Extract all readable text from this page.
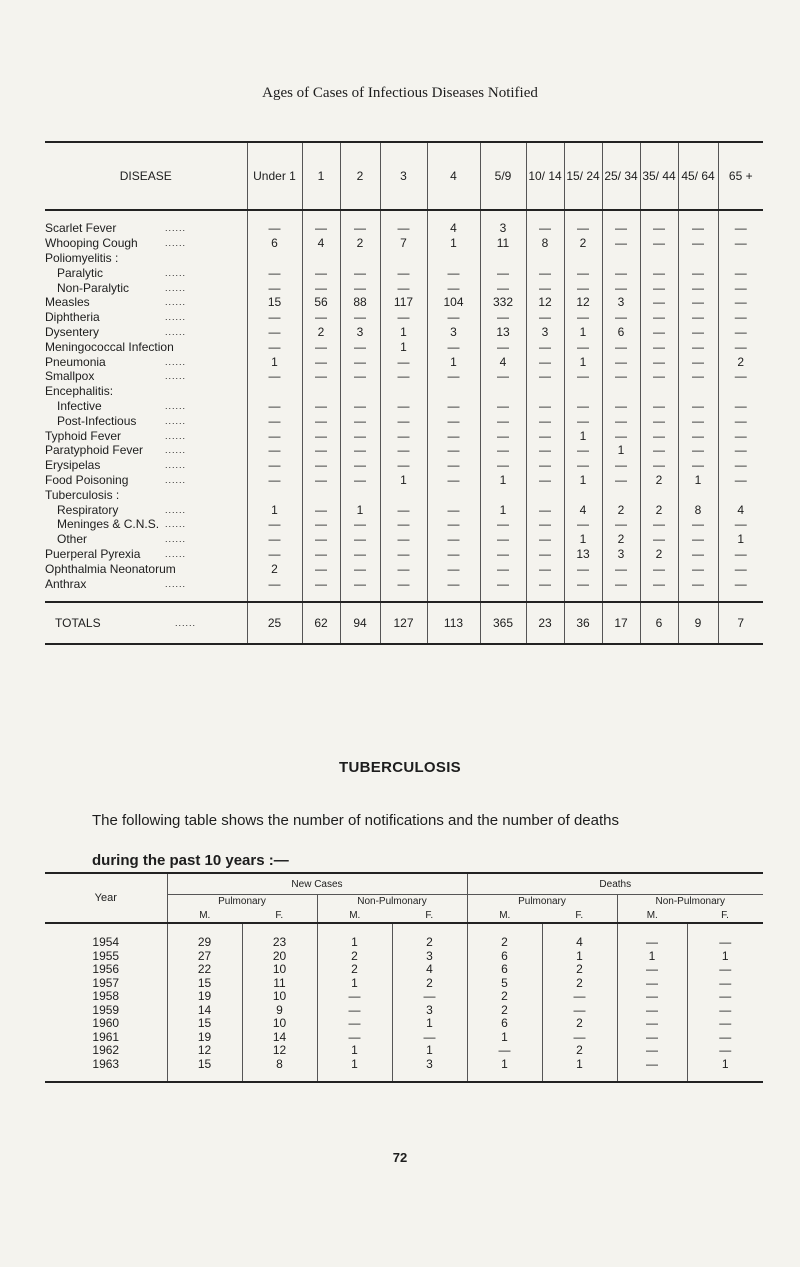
Ages of Cases of Infectious Diseases Notified
DISEASE	Under 1	1	2	3	4	5/9	10/ 14	15/ 24	25/ 34	35/ 44	45/ 64	65 +

Scarlet Fever ......	—	—	—	—	4	3	—	—	—	—	—	—
Whooping Cough ......	6	4	2	7	1	11	8	2	—	—	—	—
Poliomyelitis :												
Paralytic ......	—	—	—	—	—	—	—	—	—	—	—	—
Non-Paralytic ......	—	—	—	—	—	—	—	—	—	—	—	—
Measles ......	15	56	88	117	104	332	12	12	3	—	—	—
Diphtheria ......	—	—	—	—	—	—	—	—	—	—	—	—
Dysentery ......	—	2	3	1	3	13	3	1	6	—	—	—
Meningococcal Infection	—	—	—	1	—	—	—	—	—	—	—	—
Pneumonia ......	1	—	—	—	1	4	—	1	—	—	—	2
Smallpox ......	—	—	—	—	—	—	—	—	—	—	—	—
Encephalitis:												
Infective ......	—	—	—	—	—	—	—	—	—	—	—	—
Post-Infectious ......	—	—	—	—	—	—	—	—	—	—	—	—
Typhoid Fever ......	—	—	—	—	—	—	—	1	—	—	—	—
Paratyphoid Fever ......	—	—	—	—	—	—	—	—	1	—	—	—
Erysipelas ......	—	—	—	—	—	—	—	—	—	—	—	—
Food Poisoning ......	—	—	—	1	—	1	—	1	—	2	1	—
Tuberculosis :												
Respiratory ......	1	—	1	—	—	1	—	4	2	2	8	4
Meninges & C.N.S. ......	—	—	—	—	—	—	—	—	—	—	—	—
Other ......	—	—	—	—	—	—	—	1	2	—	—	1
Puerperal Pyrexia ......	—	—	—	—	—	—	—	13	3	2	—	—
Ophthalmia Neonatorum	2	—	—	—	—	—	—	—	—	—	—	—
Anthrax ......	—	—	—	—	—	—	—	—	—	—	—	—

TOTALS ......	25	62	94	127	113	365	23	36	17	6	9	7
TUBERCULOSIS
The following table shows the number of notifications and the number of deaths
during the past 10 years :—
Year	New Cases				Deaths			
	Pulmonary		Non-Pulmonary		Pulmonary		Non-Pulmonary	
	M.	F.	M.	F.	M.	F.	M.	F.
1954	29	23	1	2	2	4	—	—
1955	27	20	2	3	6	1	1	1
1956	22	10	2	4	6	2	—	—
1957	15	11	1	2	5	2	—	—
1958	19	10	—	—	2	—	—	—
1959	14	9	—	3	2	—	—	—
1960	15	10	—	1	6	2	—	—
1961	19	14	—	—	1	—	—	—
1962	12	12	1	1	—	2	—	—
1963	15	8	1	3	1	1	—	1
72
